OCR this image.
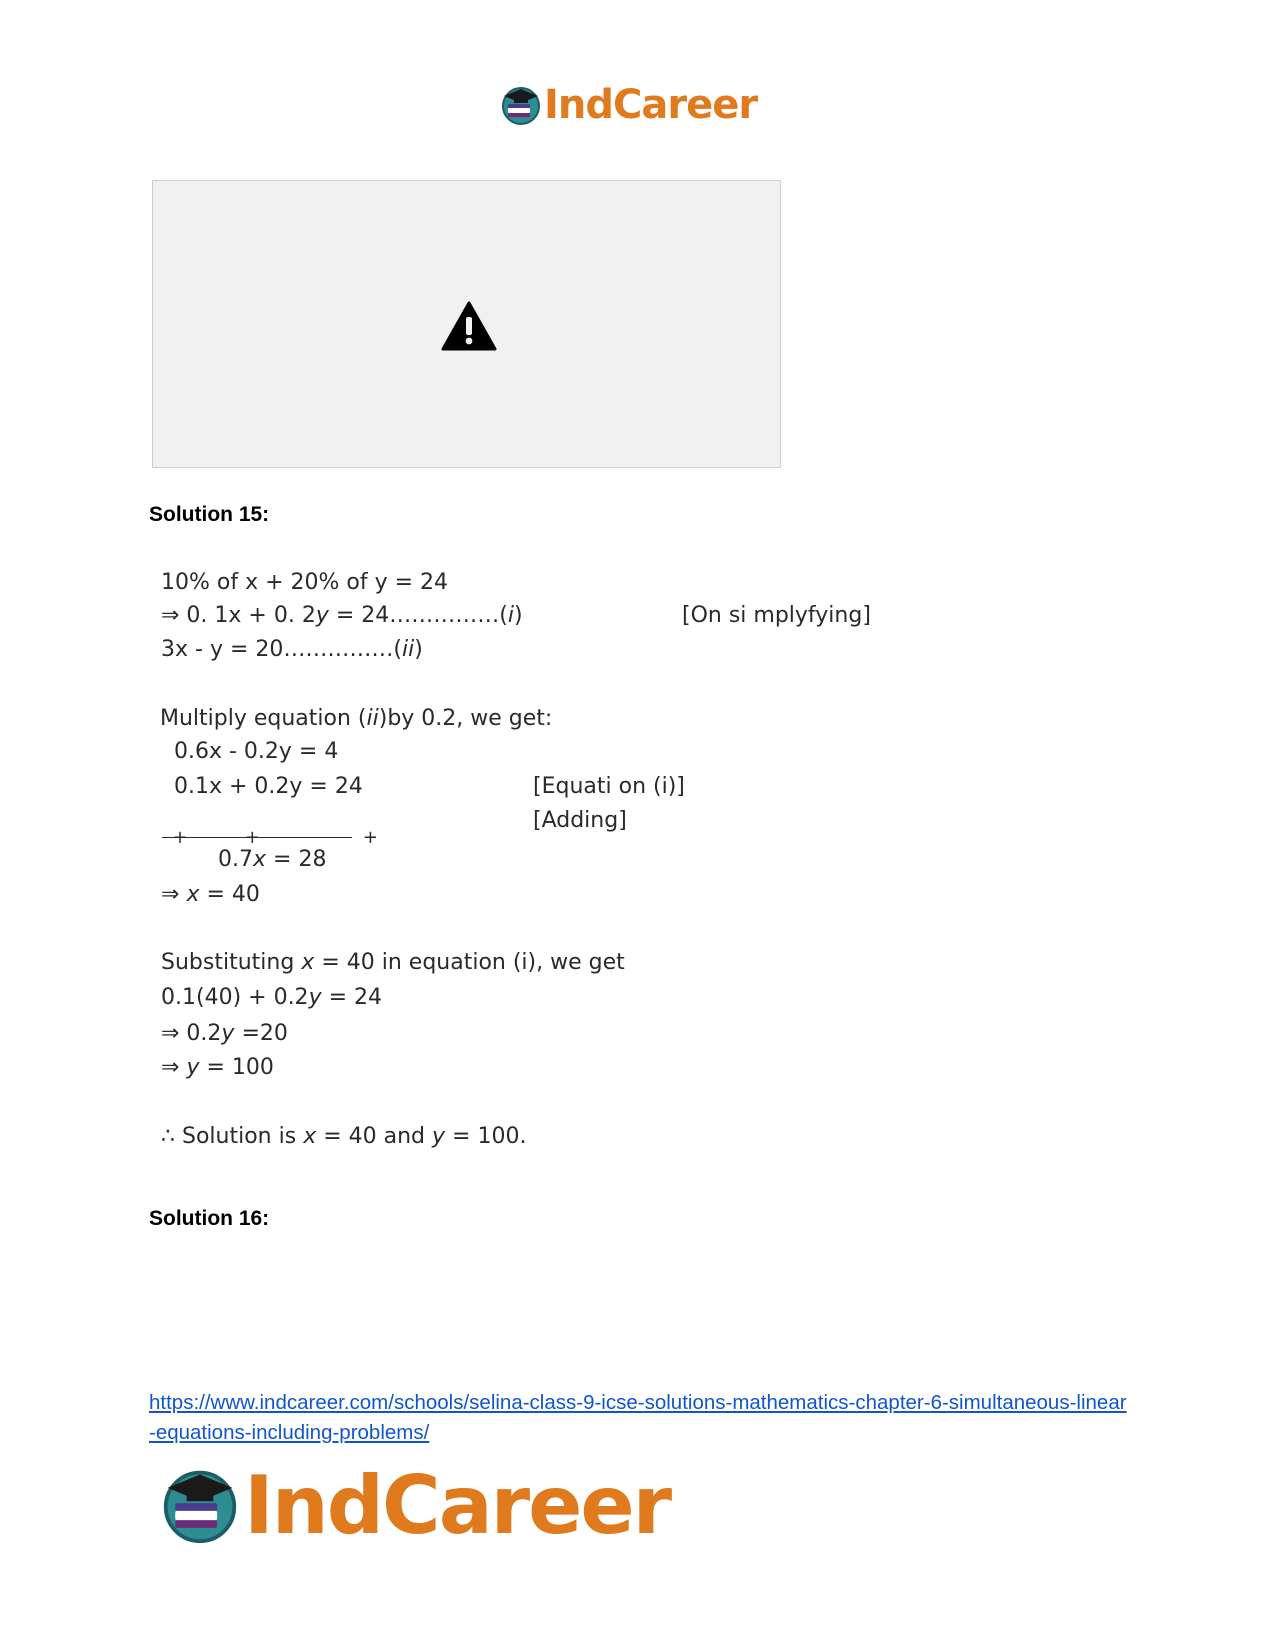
IndCareer
Solution 15:
10% of x + 20% of y = 24
⇒ 0. 1x + 0. 2y = 24……………(i)	[On si mplyfying]
3x - y = 20……………(ii)
Multiply equation (ii)by 0.2, we get:
0.6x - 0.2y = 4
0.1x + 0.2y = 24	[Equati on (i)]

+          +                  +

[Adding]
0.7x = 28
⇒ x = 40
Substituting x = 40 in equation (i), we get
0.1(40) + 0.2y = 24
⇒ 0.2y =20
⇒ y = 100
∴ Solution is x = 40 and y = 100.
Solution 16:
https://www.indcareer.com/schools/selina-class-9-icse-solutions-mathematics-chapter-6-simultaneous-linear-equations-including-problems/
IndCareer
